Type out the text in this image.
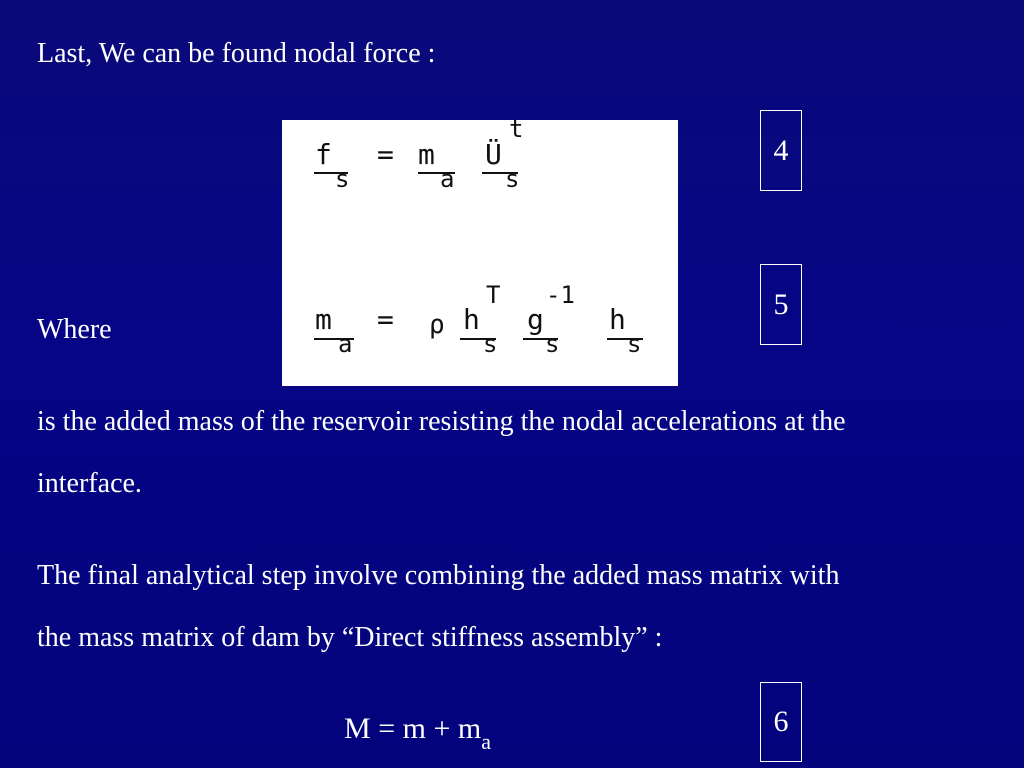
Last, We can be found nodal force :
f
s
= m
a
Ü
t
s
m
a
= ρ h
T
s
g
-1
s
h
s
4
5
Where
is the added mass of the reservoir resisting the nodal accelerations at the
interface.
The final analytical step involve combining the added mass matrix with
the mass matrix of dam by “Direct stiffness assembly” :
$M = m + m_a$
6
